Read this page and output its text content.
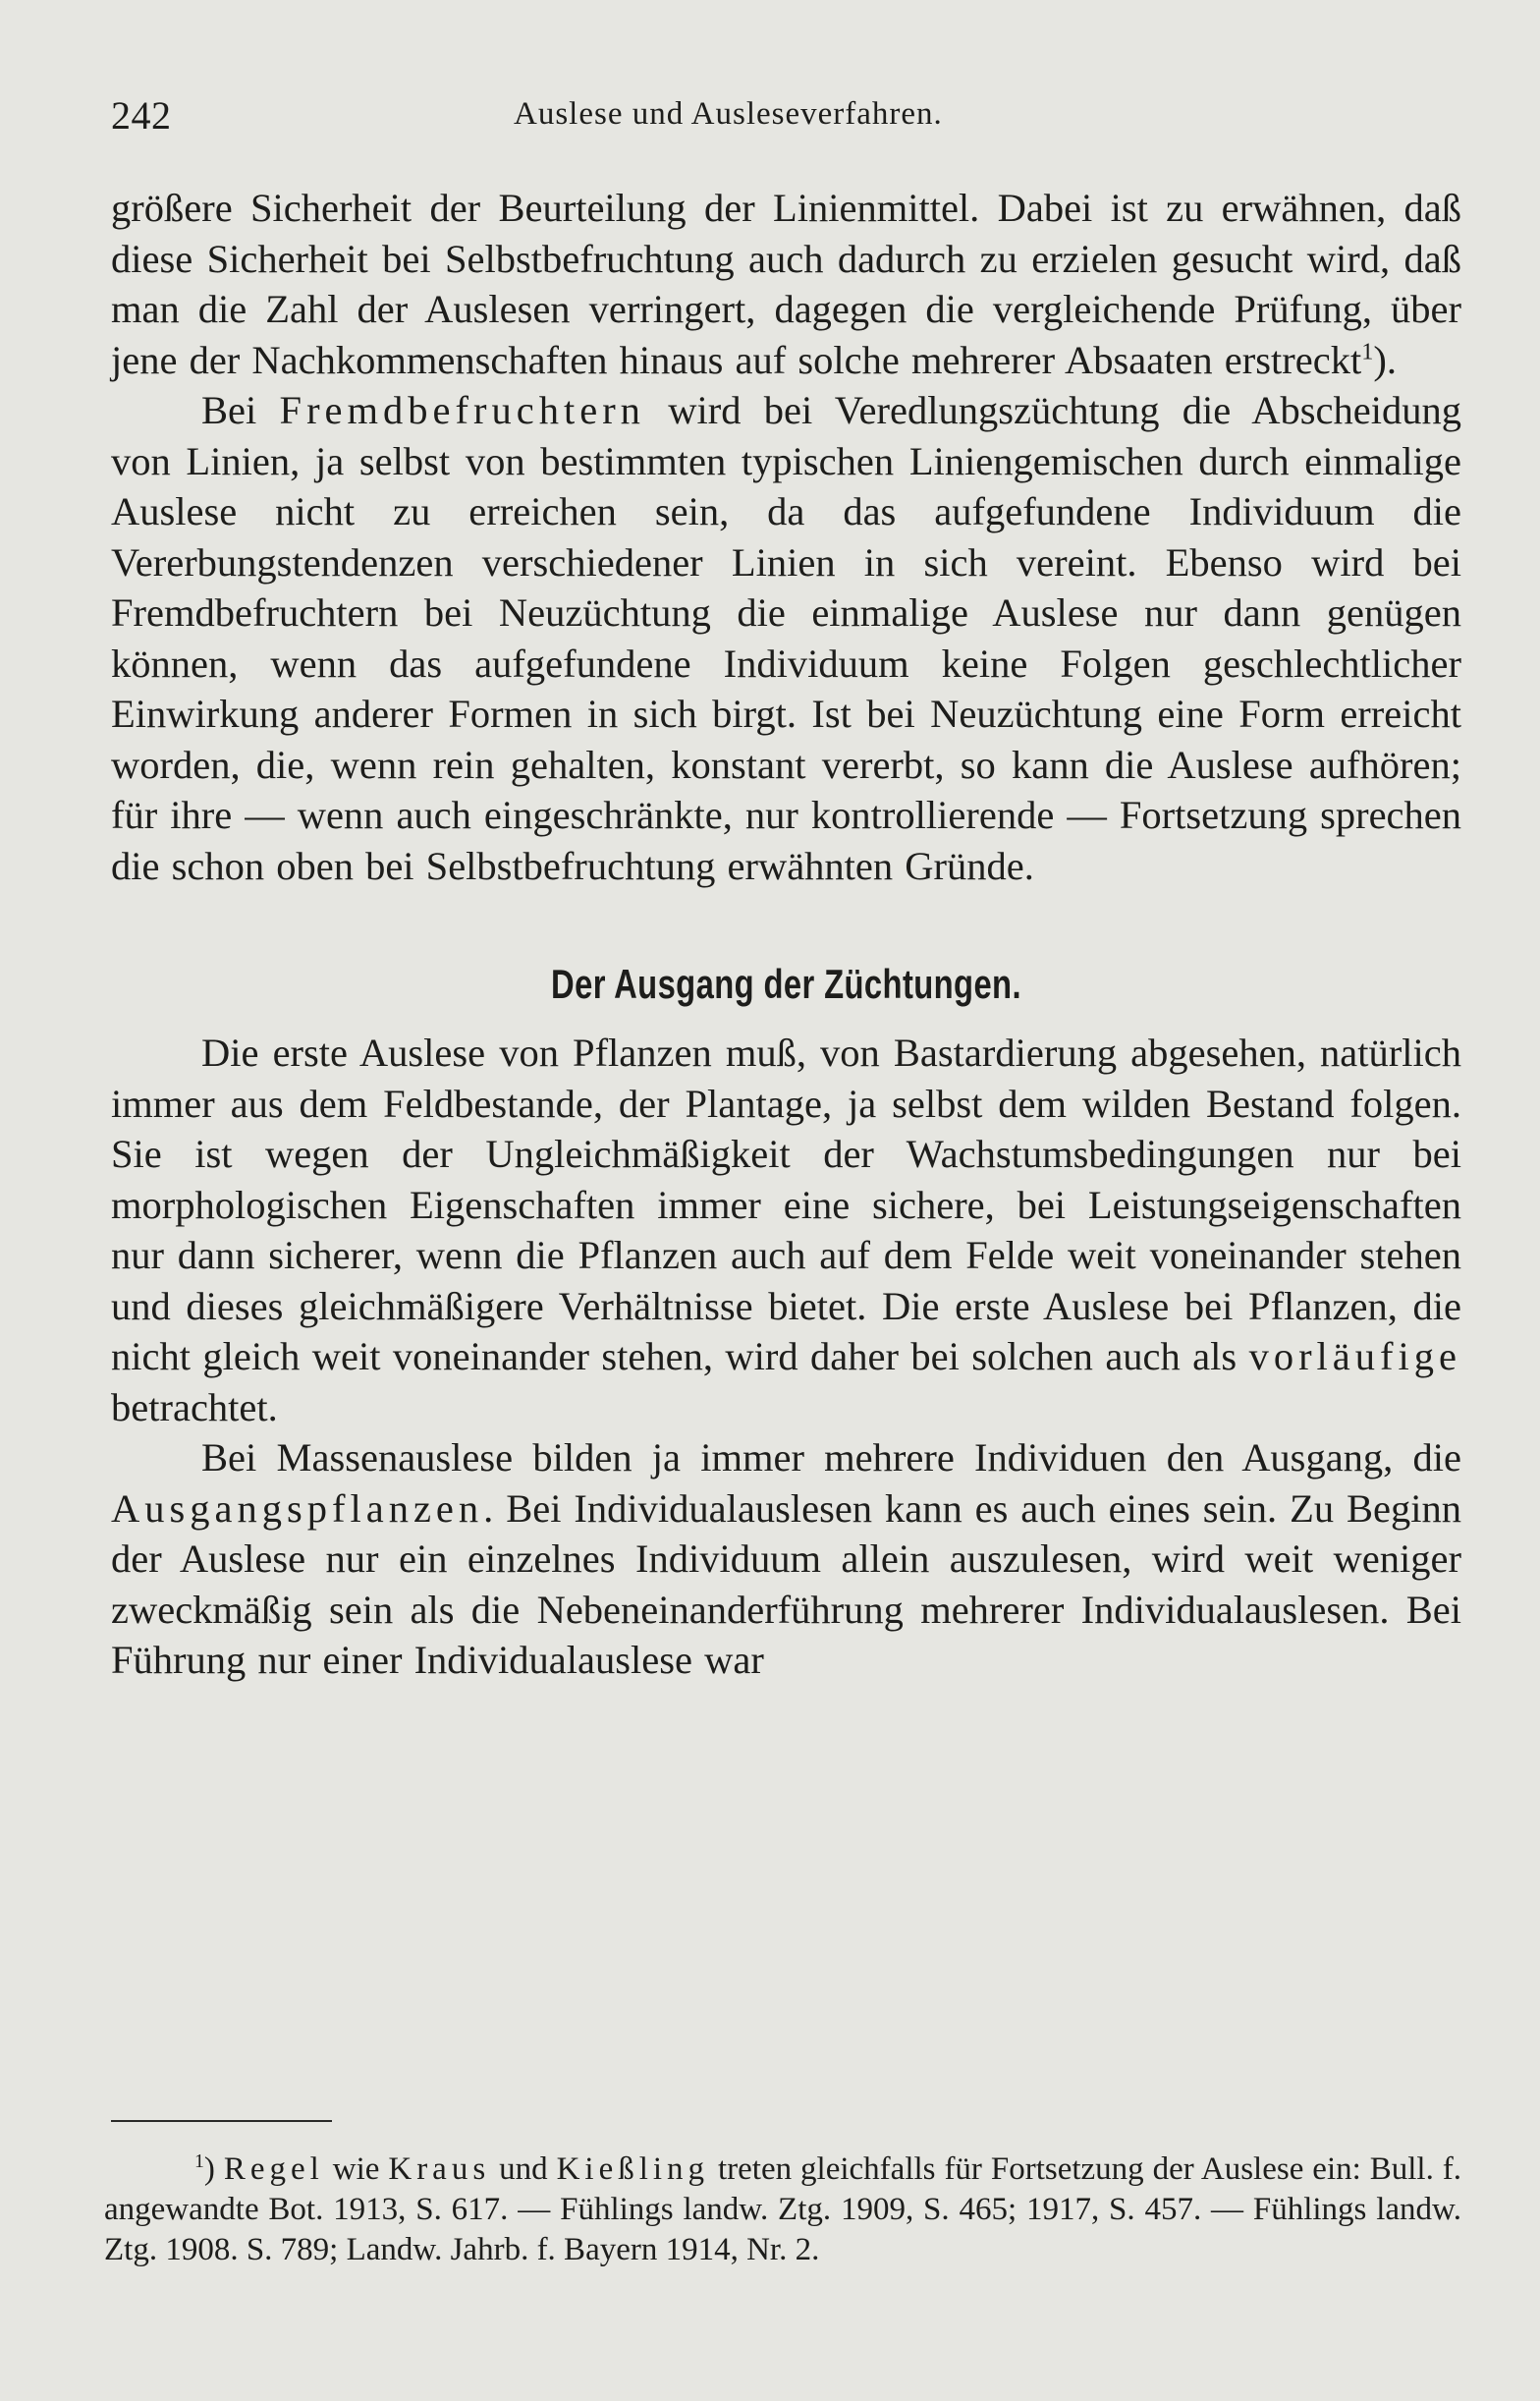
242	Auslese und Ausleseverfahren.

größere Sicherheit der Beurteilung der Linienmittel. Dabei ist zu erwähnen, daß diese Sicherheit bei Selbstbefruchtung auch dadurch zu erzielen gesucht wird, daß man die Zahl der Auslesen verringert, dagegen die vergleichende Prüfung, über jene der Nachkommenschaften hinaus auf solche mehrerer Absaaten erstreckt$^1$).

Bei Fremdbefruchtern wird bei Veredlungszüchtung die Abscheidung von Linien, ja selbst von bestimmten typischen Liniengemischen durch einmalige Auslese nicht zu erreichen sein, da das aufgefundene Individuum die Vererbungstendenzen verschiedener Linien in sich vereint. Ebenso wird bei Fremdbefruchtern bei Neuzüchtung die einmalige Auslese nur dann genügen können, wenn das aufgefundene Individuum keine Folgen geschlechtlicher Einwirkung anderer Formen in sich birgt. Ist bei Neuzüchtung eine Form erreicht worden, die, wenn rein gehalten, konstant vererbt, so kann die Auslese aufhören; für ihre — wenn auch eingeschränkte, nur kontrollierende — Fortsetzung sprechen die schon oben bei Selbstbefruchtung erwähnten Gründe.

Der Ausgang der Züchtungen.

Die erste Auslese von Pflanzen muß, von Bastardierung abgesehen, natürlich immer aus dem Feldbestande, der Plantage, ja selbst dem wilden Bestand folgen. Sie ist wegen der Ungleichmäßigkeit der Wachstumsbedingungen nur bei morphologischen Eigenschaften immer eine sichere, bei Leistungseigenschaften nur dann sicherer, wenn die Pflanzen auch auf dem Felde weit voneinander stehen und dieses gleichmäßigere Verhältnisse bietet. Die erste Auslese bei Pflanzen, die nicht gleich weit voneinander stehen, wird daher bei solchen auch als vorläufige betrachtet.

Bei Massenauslese bilden ja immer mehrere Individuen den Ausgang, die Ausgangspflanzen. Bei Individualauslesen kann es auch eines sein. Zu Beginn der Auslese nur ein einzelnes Individuum allein auszulesen, wird weit weniger zweckmäßig sein als die Nebeneinanderführung mehrerer Individualauslesen. Bei Führung nur einer Individualauslese war

$^1$) Regel wie Kraus und Kießling treten gleichfalls für Fortsetzung der Auslese ein: Bull. f. angewandte Bot. 1913, S. 617. — Fühlings landw. Ztg. 1909, S. 465; 1917, S. 457. — Fühlings landw. Ztg. 1908. S. 789; Landw. Jahrb. f. Bayern 1914, Nr. 2.
